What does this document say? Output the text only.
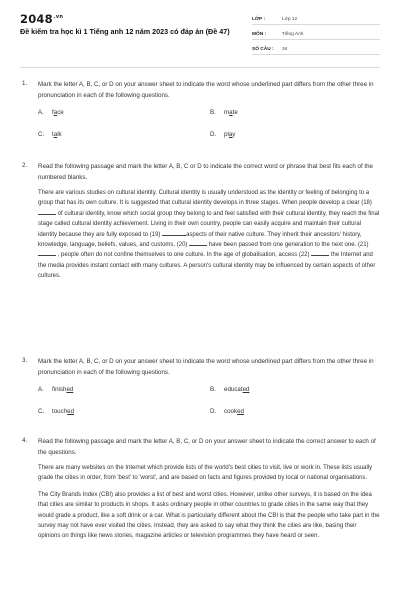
$2048^{.vn}$
Đề kiểm tra học kì 1 Tiếng anh 12 năm 2023 có đáp án (Đề 47)
LỚP :	Lớp 12
MÔN :	Tiếng Anh
SỐ CÂU :	34
1. Mark the letter A, B, C, or D on your answer sheet to indicate the word whose underlined part differs from the other three in pronunciation in each of the following questions.
A. face	B. mate
C. talk	D. play
2. Read the following passage and mark the letter A, B, C or D to indicate the correct word or phrase that best fits each of the numbered blanks.

There are various studies on cultural identity. Cultural identity is usually understood as the identity or feeling of belonging to a group that has its own culture. It is suggested that cultural identity develops in three stages. When people develop a clear (18)  of cultural identity, know which social group they belong to and feel satisfied with their cultural identity, they reach the final stage called cultural identity achievement. Living in their own country, people can easily acquire and maintain their cultural identity because they are fully exposed to (19)	aspects of their native culture. They inherit their ancestors' history, knowledge, language, beliefs, values, and customs, (20)	have been passed from one generation to the next one. (21)  , people often do not confine themselves to one culture. In the age of globalisation, access (22)	the Internet and the media provides instant contact with many cultures. A person's cultural identity may be influenced by certain aspects of other cultures.

3. Mark the letter A, B, C, or D on your answer sheet to indicate the word whose underlined part differs from the other three in pronunciation in each of the following questions.
A. finished	B. educated
C. touched	D. cooked
4. Read the following passage and mark the letter A, B, C, or D on your answer sheet to indicate the correct answer to each of the questions.

There are many websites on the Internet which provide lists of the world's best cities to visit, live or work in. These lists usually grade the cities in order, from 'best' to 'worst', and are based on facts and figures provided by local or national organisations.

The City Brands Index (CBI) also provides a list of best and worst cities. However, unlike other surveys, it is based on the idea that cities are similar to products in shops. It asks ordinary people in other countries to grade cities in the same way that they would grade a product, like a soft drink or a car. What is particularly different about the CBI is that the people who take part in the survey may not have ever visited the cities. Instead, they are asked to say what they think the cities are like, basing their opinions on things like news stories, magazine articles or television programmes they have heard or seen.
